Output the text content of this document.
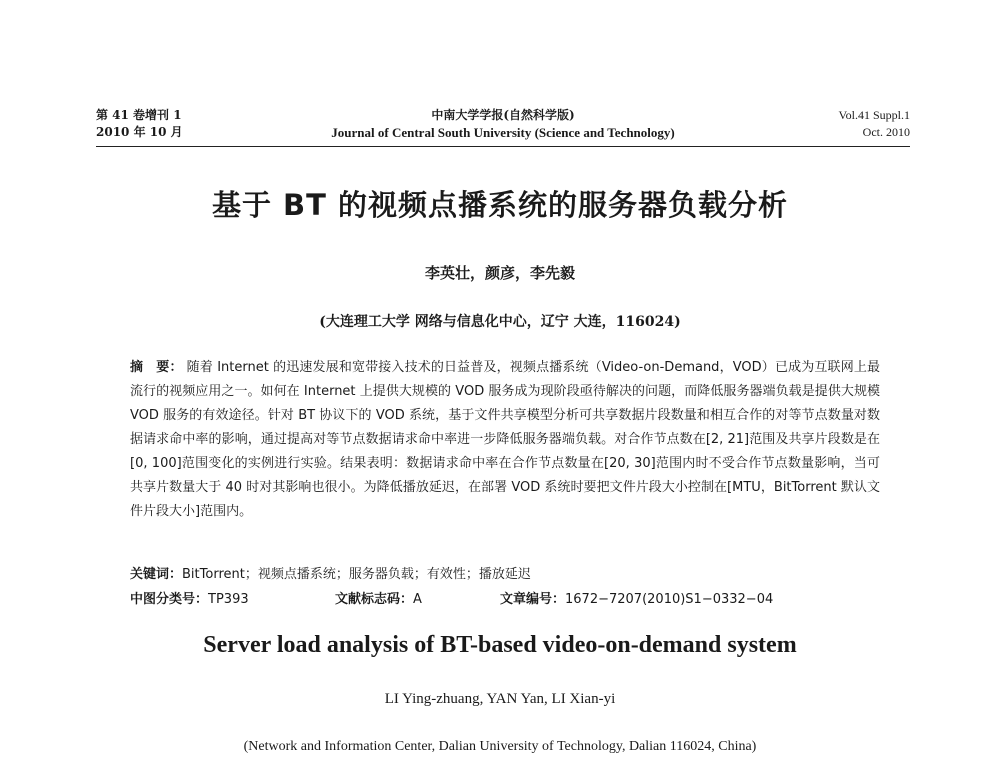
第 41 卷增刊 1
2010 年 10 月
中南大学学报(自然科学版)
Journal of Central South University (Science and Technology)
Vol.41 Suppl.1
Oct. 2010
基于 BT 的视频点播系统的服务器负载分析
李英壮，颜彦，李先毅
(大连理工大学 网络与信息化中心，辽宁 大连，116024)
摘　要： 随着 Internet 的迅速发展和宽带接入技术的日益普及，视频点播系统（Video-on-Demand，VOD）已成为互联网上最流行的视频应用之一。如何在 Internet 上提供大规模的 VOD 服务成为现阶段亟待解决的问题，而降低服务器端负载是提供大规模 VOD 服务的有效途径。针对 BT 协议下的 VOD 系统，基于文件共享模型分析可共享数据片段数量和相互合作的对等节点数量对数据请求命中率的影响，通过提高对等节点数据请求命中率进一步降低服务器端负载。对合作节点数在[2, 21]范围及共享片段数是在[0, 100]范围变化的实例进行实验。结果表明：数据请求命中率在合作节点数量在[20, 30]范围内时不受合作节点数量影响，当可共享片数量大于 40 时对其影响也很小。为降低播放延迟，在部署 VOD 系统时要把文件片段大小控制在[MTU，BitTorrent 默认文件片段大小]范围内。
关键词：BitTorrent；视频点播系统；服务器负载；有效性；播放延迟
中图分类号：TP393	文献标志码：A	文章编号：1672−7207(2010)S1−0332−04
Server load analysis of BT-based video-on-demand system
LI Ying-zhuang, YAN Yan, LI Xian-yi
(Network and Information Center, Dalian University of Technology, Dalian 116024, China)
